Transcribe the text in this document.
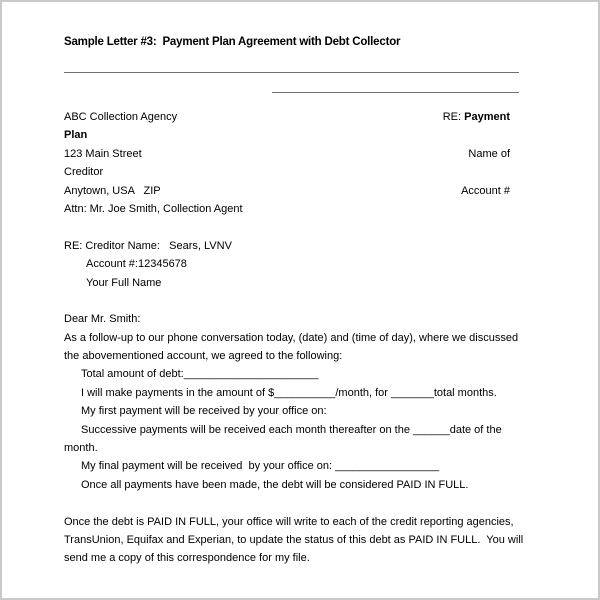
Sample Letter #3:  Payment Plan Agreement with Debt Collector
ABC Collection Agency	RE: Payment
Plan
123 Main Street	Name of
Creditor
Anytown, USA   ZIP	Account #
Attn: Mr. Joe Smith, Collection Agent
RE: Creditor Name:   Sears, LVNV
Account #:12345678
Your Full Name
Dear Mr. Smith:
As a follow-up to our phone conversation today, (date) and (time of day), where we discussed
the abovementioned account, we agreed to the following:
Total amount of debt:______________________
I will make payments in the amount of $__________/month, for _______total months.
My first payment will be received by your office on:
Successive payments will be received each month thereafter on the ______date of the
month.
My final payment will be received  by your office on: _________________
Once all payments have been made, the debt will be considered PAID IN FULL.
Once the debt is PAID IN FULL, your office will write to each of the credit reporting agencies,
TransUnion, Equifax and Experian, to update the status of this debt as PAID IN FULL.  You will
send me a copy of this correspondence for my file.
